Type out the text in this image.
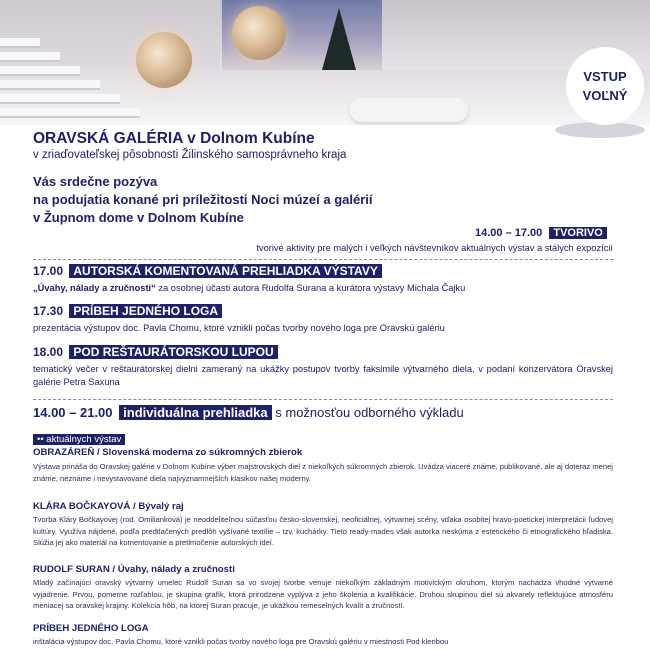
VSTUP
VOĽNÝ
ORAVSKÁ GALÉRIA v Dolnom Kubíne
v zriaďovateľskej pôsobnosti Žilinského samosprávneho kraja
Vás srdečne pozýva
na podujatia konané pri príležitosti Noci múzeí a galérií
v Župnom dome v Dolnom Kubíne
14.00 – 17.00 TVORIVO
tvorivé aktivity pre malých i veľkých návštevníkov aktuálnych výstav a stálych expozícií
17.00 AUTORSKÁ KOMENTOVANÁ PREHLIADKA VÝSTAVY
„Úvahy, nálady a zručnosti“ za osobnej účasti autora Rudolfa Surana a kurátora výstavy Michala Čajku
17.30 PRÍBEH JEDNÉHO LOGA
prezentácia výstupov doc. Pavla Chomu, ktoré vznikli počas tvorby nového loga pre Oravskú galériu
18.00 POD REŠTAURÁTORSKOU LUPOU
tematický večer v reštaurátorskej dielni zameraný na ukážky postupov tvorby faksimile výtvarného diela, v podaní konzervátora Oravskej galérie Petra Saxuna
14.00 – 21.00 individuálna prehliadka s možnosťou odborného výkladu
•• aktuálnych výstav
OBRAZÁREŇ / Slovenská moderna zo súkromných zbierok
Výstava prináša do Oravskej galérie v Dolnom Kubíne výber majstrovských diel z niekoľkých súkromných zbierok. Uvádza viaceré známe, publikované, ale aj doteraz menej známe, neznáme i nevystavované diela najvýznamnejších klasikov našej moderny.
KLÁRA BOČKAYOVÁ / Bývalý raj
Tvorba Kláry Bočkayovej (rod. Omilianková) je neoddeliteľnou súčasťou česko-slovenskej, neoficiálnej, výtvarnej scény, vďaka osobitej hravo-poetickej interpretácii ľudovej kultúry. Využíva nájdené, podľa predtlačených predlôh vyšívané textílie – tzv. kuchárky. Tieto ready-mades však autorka neskúma z estetického či etnografického hľadiska. Slúžia jej ako materiál na komentovanie a pretlmočenie autorských ideí.
RUDOLF SURAN / Úvahy, nálady a zručnosti
Mladý začínajúci oravský výtvarný umelec Rudolf Suran sa vo svojej tvorbe venuje niekoľkým základným motivickým okruhom, ktorým nachádza vhodné výtvarné vyjadrenie. Prvou, pomerne rozľahlou, je skupina grafík, ktorá prirodzene vyplýva z jeho školenia a kvalifikácie. Druhou skupinou diel sú akvarely reflektujúce atmosféru meniacej sa oravskej krajiny. Kolekcia hôb, na ktorej Suran pracuje, je ukážkou remeselných kvalít a zručností.
PRÍBEH JEDNÉHO LOGA
inštalácia výstupov doc. Pavla Chomu, ktoré vznikli počas tvorby nového loga pre Oravskú galériu v miestnosti Pod klenbou
